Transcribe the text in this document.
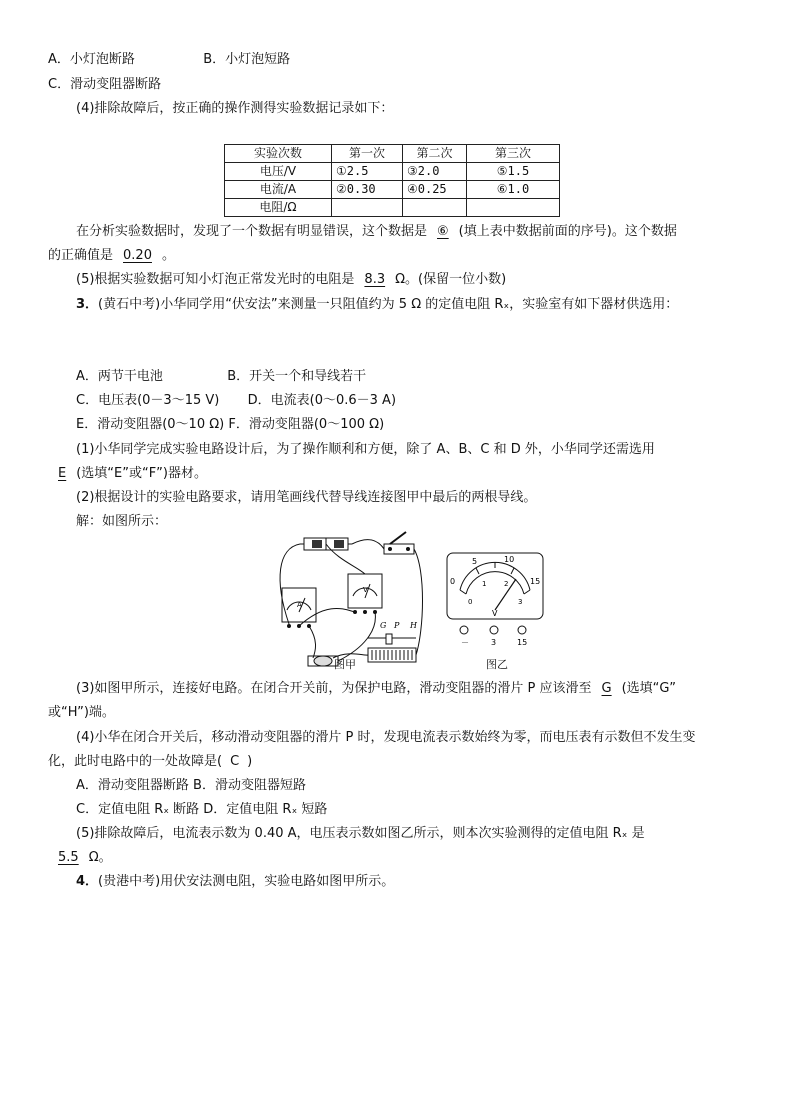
A．小灯泡断路	B．小灯泡短路
C．滑动变阻器断路
(4)排除故障后，按正确的操作测得实验数据记录如下：
实验次数	第一次	第二次	第三次
电压/V	①2.5	③2.0	⑤1.5
电流/A	②0.30	④0.25	⑥1.0
电阻/Ω			
在分析实验数据时，发现了一个数据有明显错误，这个数据是 ⑥ (填上表中数据前面的序号)。这个数据
的正确值是 0.20 。
(5)根据实验数据可知小灯泡正常发光时的电阻是 8.3 Ω。(保留一位小数)
3．(黄石中考)小华同学用“伏安法”来测量一只阻值约为 5 Ω 的定值电阻 Rₓ，实验室有如下器材供选用：
A．两节干电池	B．开关一个和导线若干
C．电压表(0－3～15 V) D．电流表(0～0.6－3 A)
E．滑动变阻器(0～10 Ω) F．滑动变阻器(0～100 Ω)
(1)小华同学完成实验电路设计后，为了操作顺利和方便，除了 A、B、C 和 D 外，小华同学还需选用
E (选填“E”或“F”)器材。
(2)根据设计的实验电路要求，请用笔画线代替导线连接图甲中最后的两根导线。
解：如图所示：
A
V
G P H
图甲
0
5	10
15
0
1	2
3
V
－	3	15
图乙
(3)如图甲所示，连接好电路。在闭合开关前，为保护电路，滑动变阻器的滑片 P 应该滑至 G (选填“G”
或“H”)端。
(4)小华在闭合开关后，移动滑动变阻器的滑片 P 时，发现电流表示数始终为零，而电压表有示数但不发生变
化，此时电路中的一处故障是( C )
A．滑动变阻器断路 B．滑动变阻器短路
C．定值电阻 Rₓ 断路 D．定值电阻 Rₓ 短路
(5)排除故障后，电流表示数为 0.40 A，电压表示数如图乙所示，则本次实验测得的定值电阻 Rₓ 是
5.5 Ω。
4．(贵港中考)用伏安法测电阻，实验电路如图甲所示。
